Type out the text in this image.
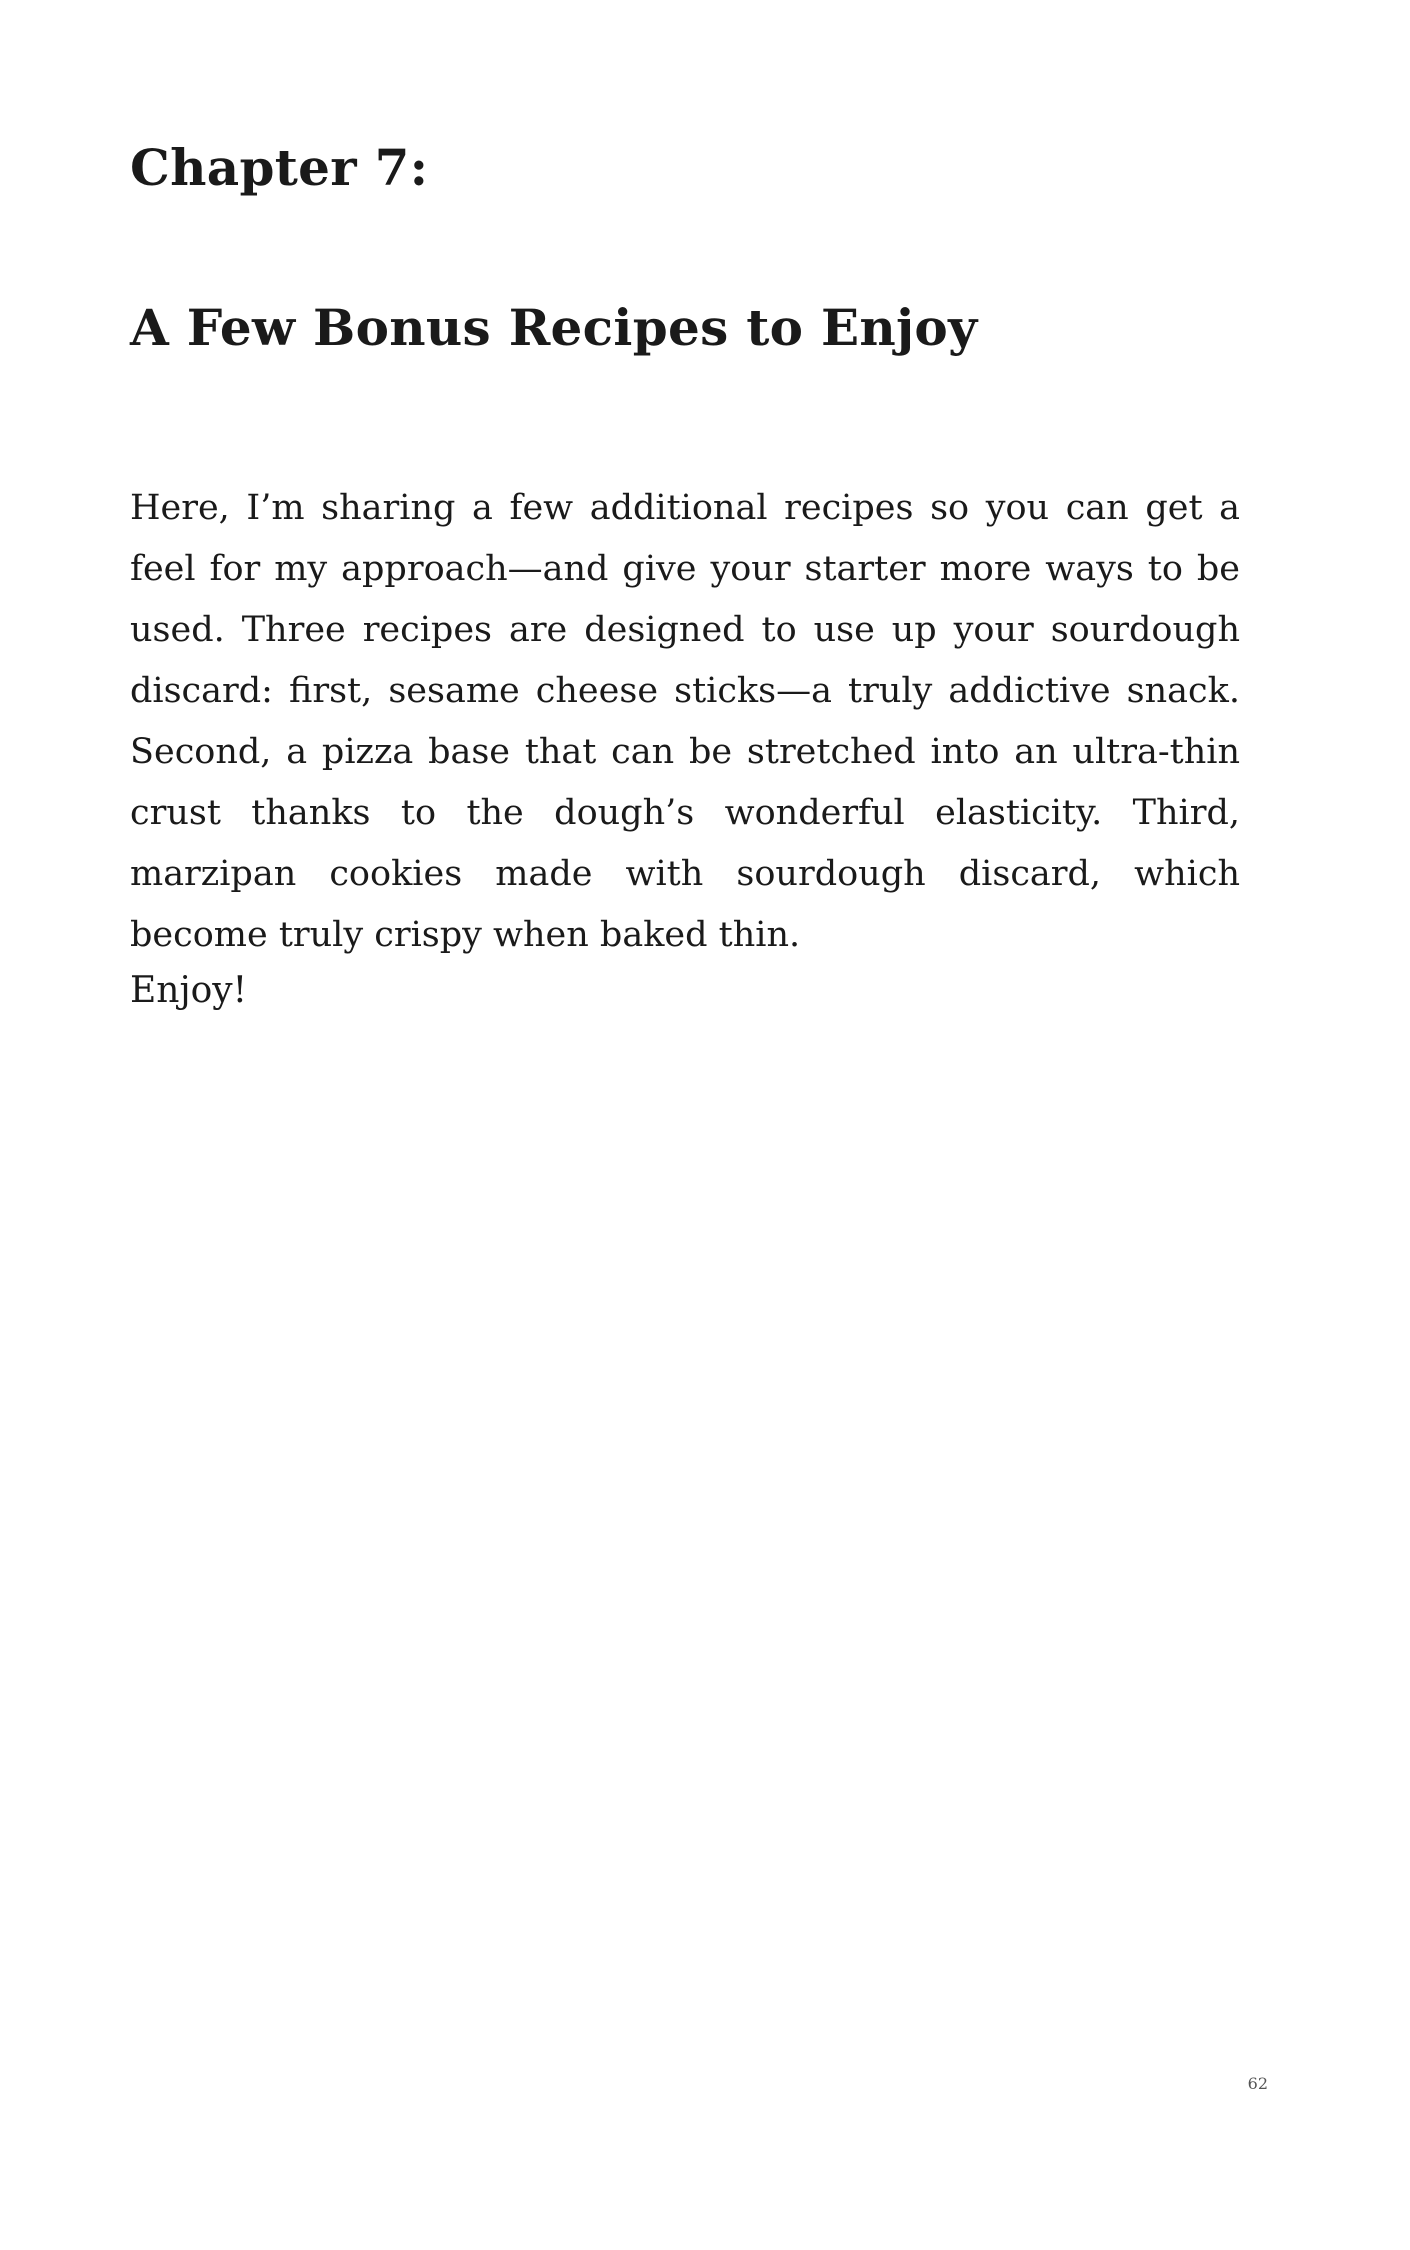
Chapter 7:
A Few Bonus Recipes to Enjoy

Here, I’m sharing a few additional recipes so you can get a feel for my approach—and give your starter more ways to be used. Three recipes are designed to use up your sourdough discard: first, sesame cheese sticks—a truly addictive snack. Second, a pizza base that can be stretched into an ultra-thin crust thanks to the dough’s wonderful elasticity. Third, marzipan cookies made with sourdough discard, which become truly crispy when baked thin.

Enjoy!

62
